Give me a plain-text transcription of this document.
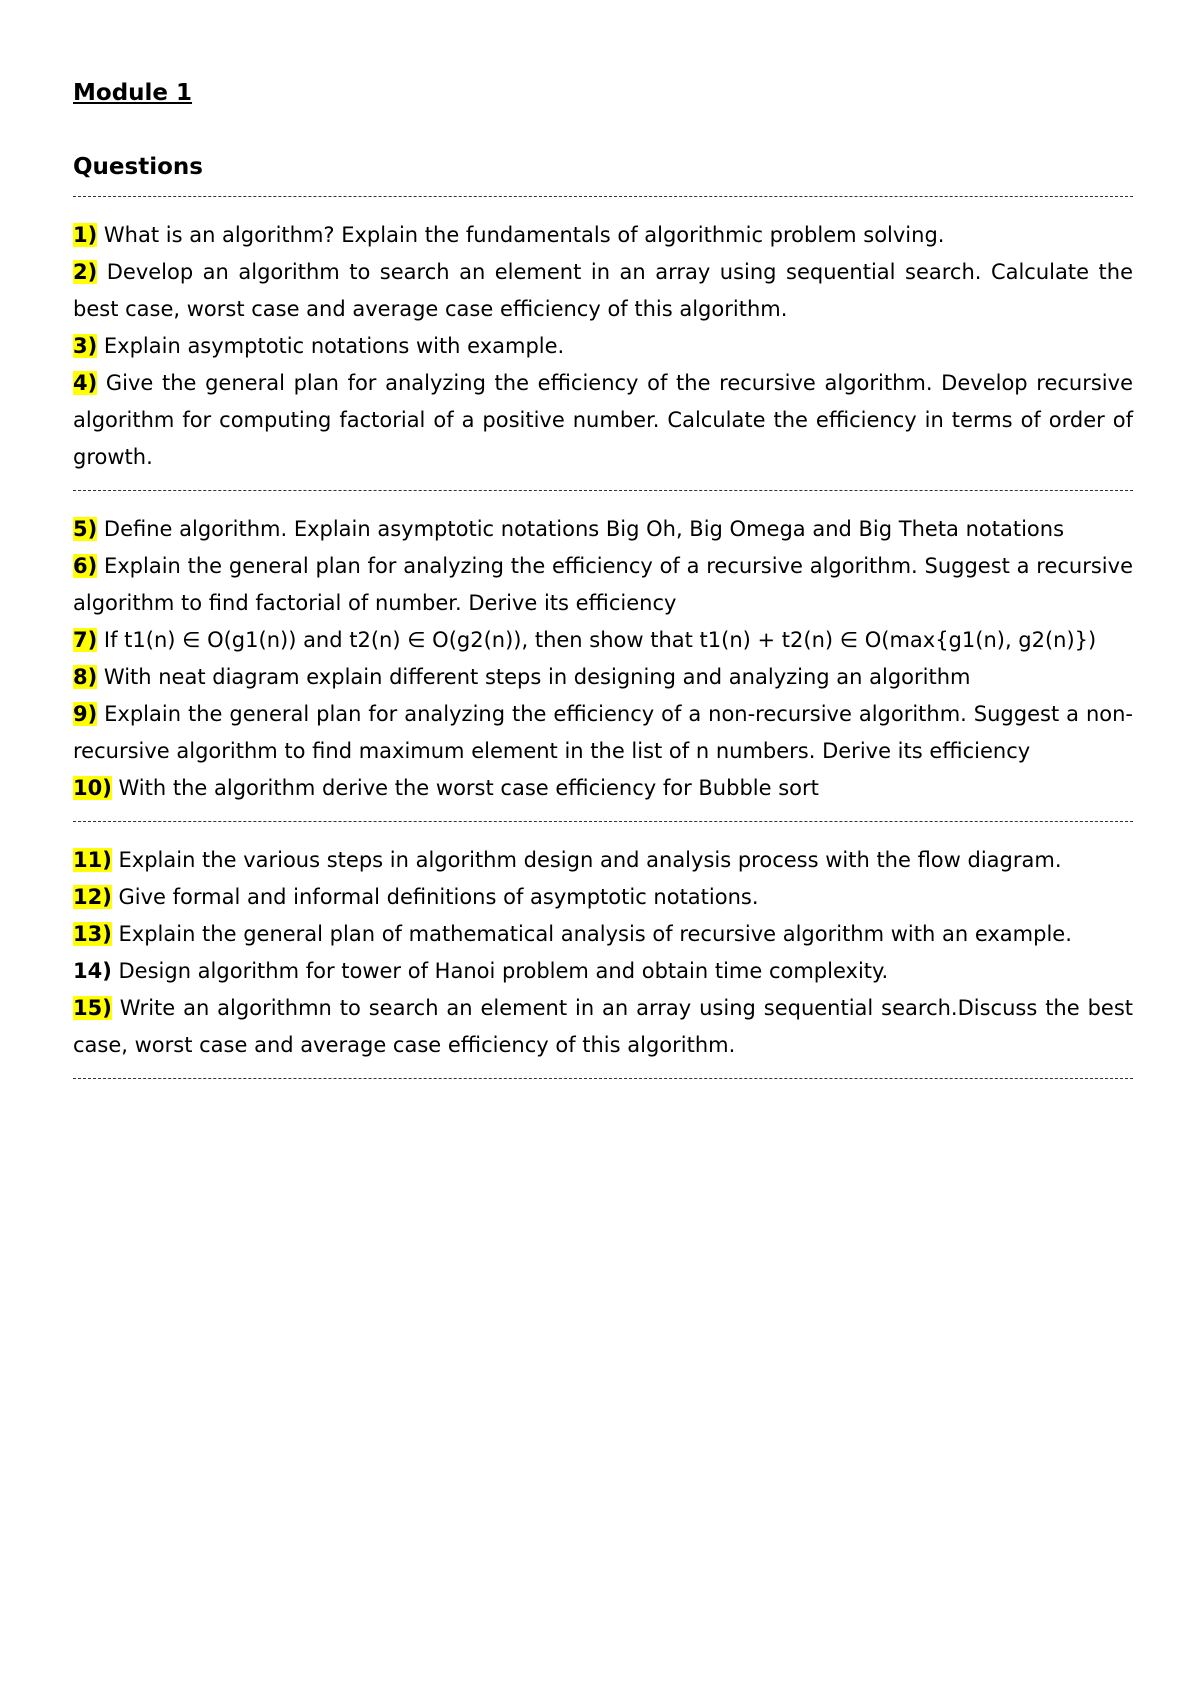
Module 1

Questions

1) What is an algorithm? Explain the fundamentals of algorithmic problem solving.

2) Develop an algorithm to search an element in an array using sequential search. Calculate the best case, worst case and average case efficiency of this algorithm.

3) Explain asymptotic notations with example.

4) Give the general plan for analyzing the efficiency of the recursive algorithm. Develop recursive algorithm for computing factorial of a positive number. Calculate the efficiency in terms of order of growth.

5) Define algorithm. Explain asymptotic notations Big Oh, Big Omega and Big Theta notations

6) Explain the general plan for analyzing the efficiency of a recursive algorithm. Suggest a recursive algorithm to find factorial of number. Derive its efficiency

7) If t1(n) ∈ O(g1(n)) and t2(n) ∈ O(g2(n)), then show that t1(n) + t2(n) ∈ O(max{g1(n), g2(n)})

8) With neat diagram explain different steps in designing and analyzing an algorithm

9) Explain the general plan for analyzing the efficiency of a non-recursive algorithm. Suggest a non-recursive algorithm to find maximum element in the list of n numbers. Derive its efficiency

10) With the algorithm derive the worst case efficiency for Bubble sort

11) Explain the various steps in algorithm design and analysis process with the flow diagram.

12) Give formal and informal definitions of asymptotic notations.

13) Explain the general plan of mathematical analysis of recursive algorithm with an example.

14) Design algorithm for tower of Hanoi problem and obtain time complexity.

15) Write an algorithmn to search an element in an array using sequential search.Discuss the best case, worst case and average case efficiency of this algorithm.
